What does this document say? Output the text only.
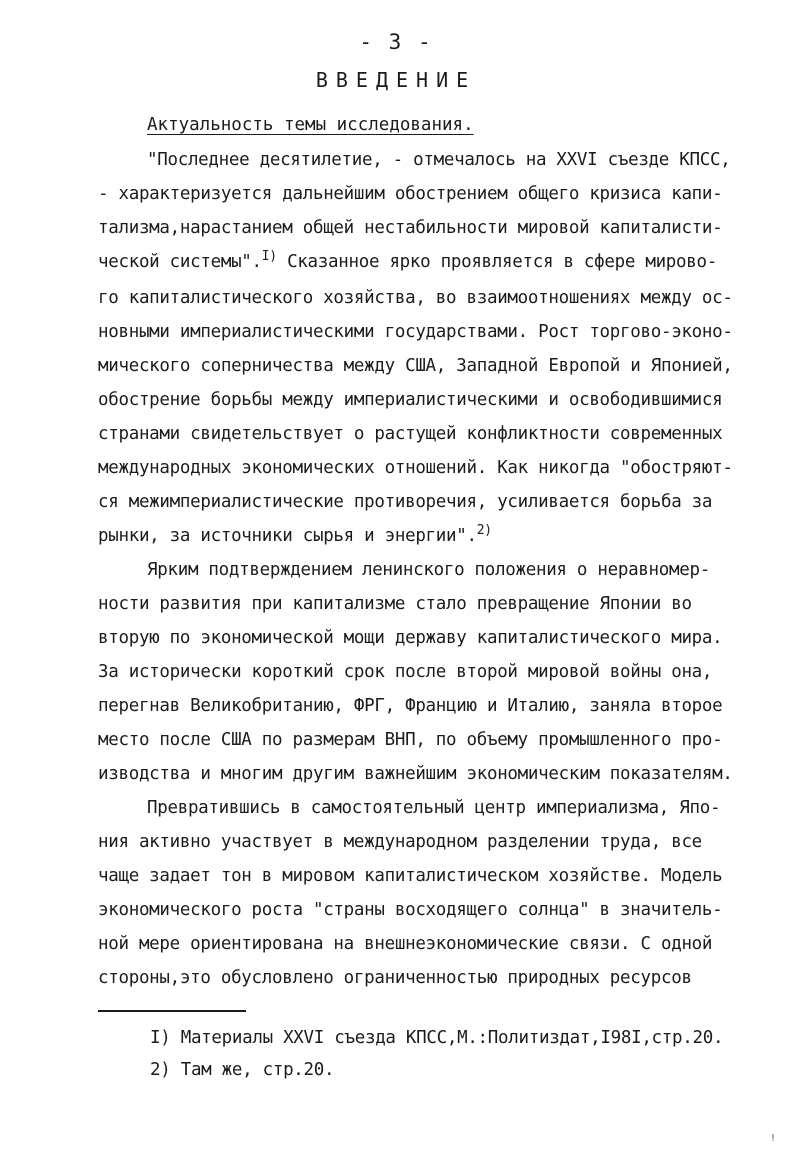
- 3 -
ВВЕДЕНИЕ
Актуальность темы исследования.
"Последнее десятилетие, - отмечалось на XXVI съезде КПСС,
- характеризуется дальнейшим обострением общего кризиса капи-
тализма,нарастанием общей нестабильности мировой капиталисти-
ческой системы".$^{I)}$ Сказанное ярко проявляется в сфере мирово-
го капиталистического хозяйства, во взаимоотношениях между ос-
новными империалистическими государствами. Рост торгово-эконо-
мического соперничества между США, Западной Европой и Японией,
обострение борьбы между империалистическими и освободившимися
странами свидетельствует о растущей конфликтности современных
международных экономических отношений. Как никогда "обостряют-
ся межимпериалистические противоречия, усиливается борьба за
рынки, за источники сырья и энергии".$^{2)}$
Ярким подтверждением ленинского положения о неравномер-
ности развития при капитализме стало превращение Японии во
вторую по экономической мощи державу капиталистического мира.
За исторически короткий срок после второй мировой войны она,
перегнав Великобританию, ФРГ, Францию и Италию, заняла второе
место после США по размерам ВНП, по объему промышленного про-
изводства и многим другим важнейшим экономическим показателям.
Превратившись в самостоятельный центр империализма, Япо-
ния активно участвует в международном разделении труда, все
чаще задает тон в мировом капиталистическом хозяйстве. Модель
экономического роста "страны восходящего солнца" в значитель-
ной мере ориентирована на внешнеэкономические связи. С одной
стороны,это обусловлено ограниченностью природных ресурсов
I) Материалы XXVI съезда КПСС,М.:Политиздат,I98I,стр.20.
2) Там же, стр.20.
!
